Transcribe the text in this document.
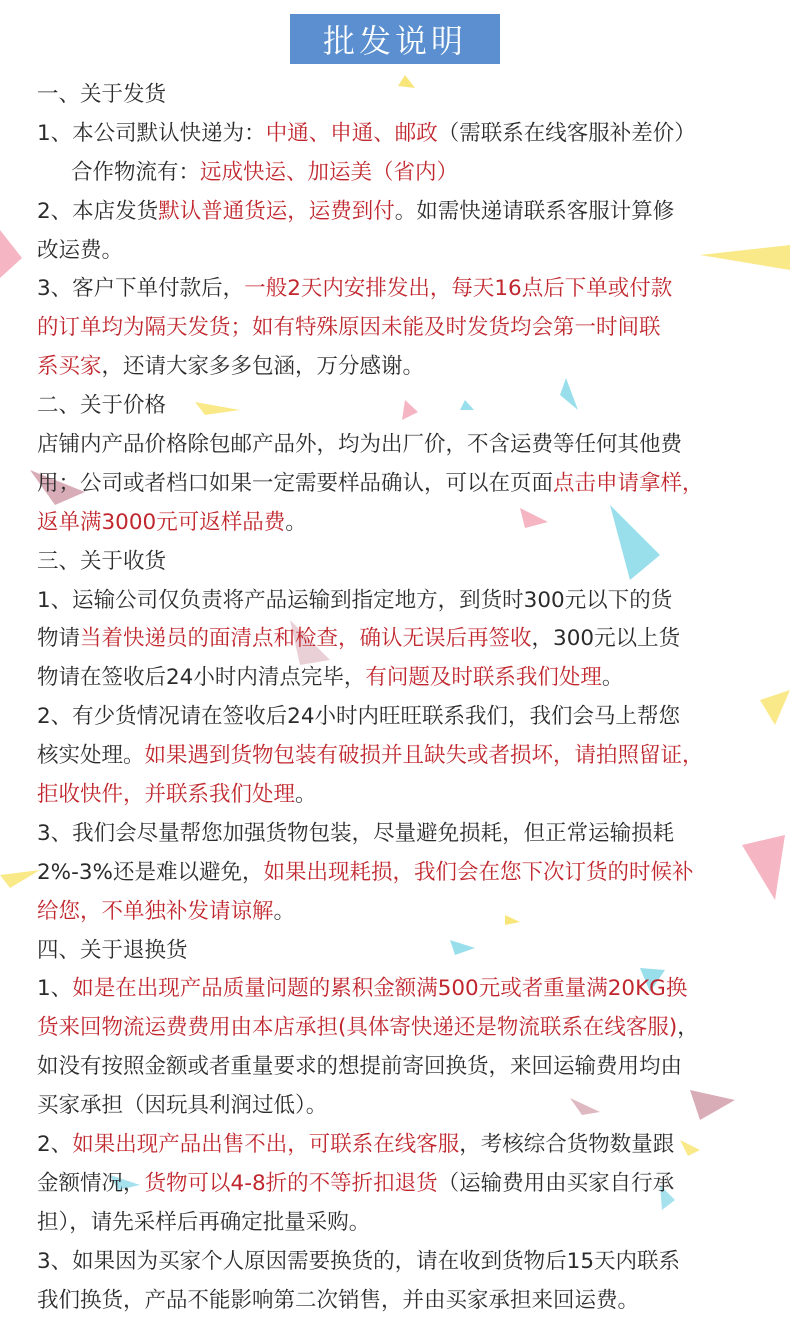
批发说明
一、关于发货
1、本公司默认快递为：中通、申通、邮政（需联系在线客服补差价）
合作物流有：远成快运、加运美（省内）
2、本店发货默认普通货运，运费到付。如需快递请联系客服计算修
改运费。
3、客户下单付款后，一般2天内安排发出，每天16点后下单或付款
的订单均为隔天发货；如有特殊原因未能及时发货均会第一时间联
系买家，还请大家多多包涵，万分感谢。
二、关于价格
店铺内产品价格除包邮产品外，均为出厂价，不含运费等任何其他费
用；公司或者档口如果一定需要样品确认，可以在页面点击申请拿样，
返单满3000元可返样品费。
三、关于收货
1、运输公司仅负责将产品运输到指定地方，到货时300元以下的货
物请当着快递员的面清点和检查，确认无误后再签收，300元以上货
物请在签收后24小时内清点完毕，有问题及时联系我们处理。
2、有少货情况请在签收后24小时内旺旺联系我们，我们会马上帮您
核实处理。如果遇到货物包装有破损并且缺失或者损坏，请拍照留证，
拒收快件，并联系我们处理。
3、我们会尽量帮您加强货物包装，尽量避免损耗，但正常运输损耗
2%-3%还是难以避免，如果出现耗损，我们会在您下次订货的时候补
给您，不单独补发请谅解。
四、关于退换货
1、如是在出现产品质量问题的累积金额满500元或者重量满20KG换
货来回物流运费费用由本店承担(具体寄快递还是物流联系在线客服)，
如没有按照金额或者重量要求的想提前寄回换货，来回运输费用均由
买家承担（因玩具利润过低）。
2、如果出现产品出售不出，可联系在线客服，考核综合货物数量跟
金额情况，货物可以4-8折的不等折扣退货（运输费用由买家自行承
担），请先采样后再确定批量采购。
3、如果因为买家个人原因需要换货的，请在收到货物后15天内联系
我们换货，产品不能影响第二次销售，并由买家承担来回运费。
